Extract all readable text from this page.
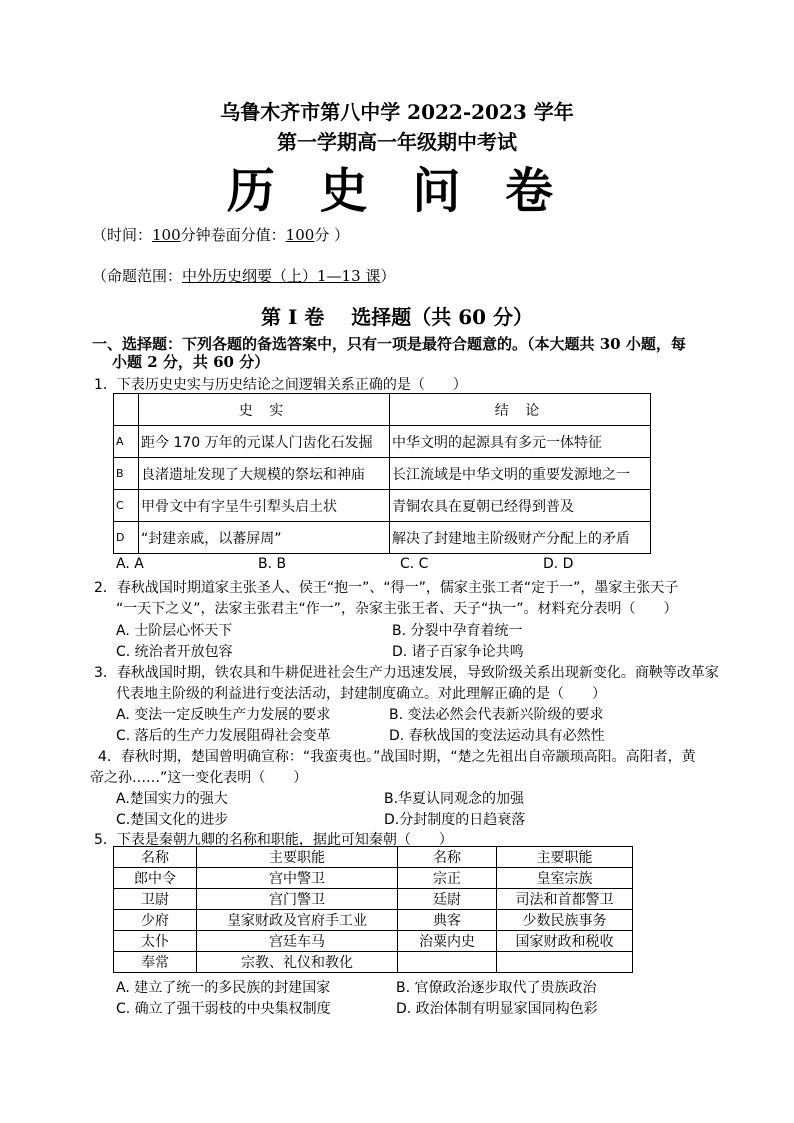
乌鲁木齐市第八中学 2022-2023 学年
第一学期高一年级期中考试
历 史 问 卷
（时间：100分钟卷面分值：100分 ）
（命题范围：中外历史纲要（上）1—13 课）
第 I 卷　 选择题（共 60 分）
一、选择题：下列各题的备选答案中，只有一项是最符合题意的。（本大题共 30 小题，每
小题 2 分，共 60 分）
1．下表历史史实与历史结论之间逻辑关系正确的是（　　）
	史 实	结 论
A	距今 170 万年的元谋人门齿化石发掘	中华文明的起源具有多元一体特征
B	良渚遗址发现了大规模的祭坛和神庙	长江流域是中华文明的重要发源地之一
C	甲骨文中有字呈牛引犁头启土状	青铜农具在夏朝已经得到普及
D	“封建亲戚，以蕃屏周”	解决了封建地主阶级财产分配上的矛盾
A. A	B. B	C. C	D. D
2．春秋战国时期道家主张圣人、侯王“抱一”、“得一”，儒家主张工者“定于一”，墨家主张天子
“一天下之义”，法家主张君主“作一”，杂家主张王者、天子“执一”。材料充分表明（　　）
A. 士阶层心怀天下	B. 分裂中孕育着统一
C. 统治者开放包容	D. 诸子百家争论共鸣
3．春秋战国时期，铁农具和牛耕促进社会生产力迅速发展，导致阶级关系出现新变化。商鞅等改革家
代表地主阶级的利益进行变法活动，封建制度确立。对此理解正确的是（　　）
A. 变法一定反映生产力发展的要求	B. 变法必然会代表新兴阶级的要求
C. 落后的生产力发展阻碍社会变革	D. 春秋战国的变法运动具有必然性
4．春秋时期，楚国曾明确宣称：“我蛮夷也。”战国时期，“楚之先祖出自帝颛顼高阳。高阳者，黄
帝之孙……”这一变化表明（　　）
A.楚国实力的强大	B.华夏认同观念的加强
C.楚国文化的进步	D.分封制度的日趋衰落
5．下表是秦朝九卿的名称和职能，据此可知秦朝（　　）
名称	主要职能	名称	主要职能
郎中令	宫中警卫	宗正	皇室宗族
卫尉	宫门警卫	廷尉	司法和首都警卫
少府	皇家财政及官府手工业	典客	少数民族事务
太仆	宫廷车马	治粟内史	国家财政和税收
奉常	宗教、礼仪和教化		
A. 建立了统一的多民族的封建国家	B. 官僚政治逐步取代了贵族政治
C. 确立了强干弱枝的中央集权制度	D. 政治体制有明显家国同构色彩
